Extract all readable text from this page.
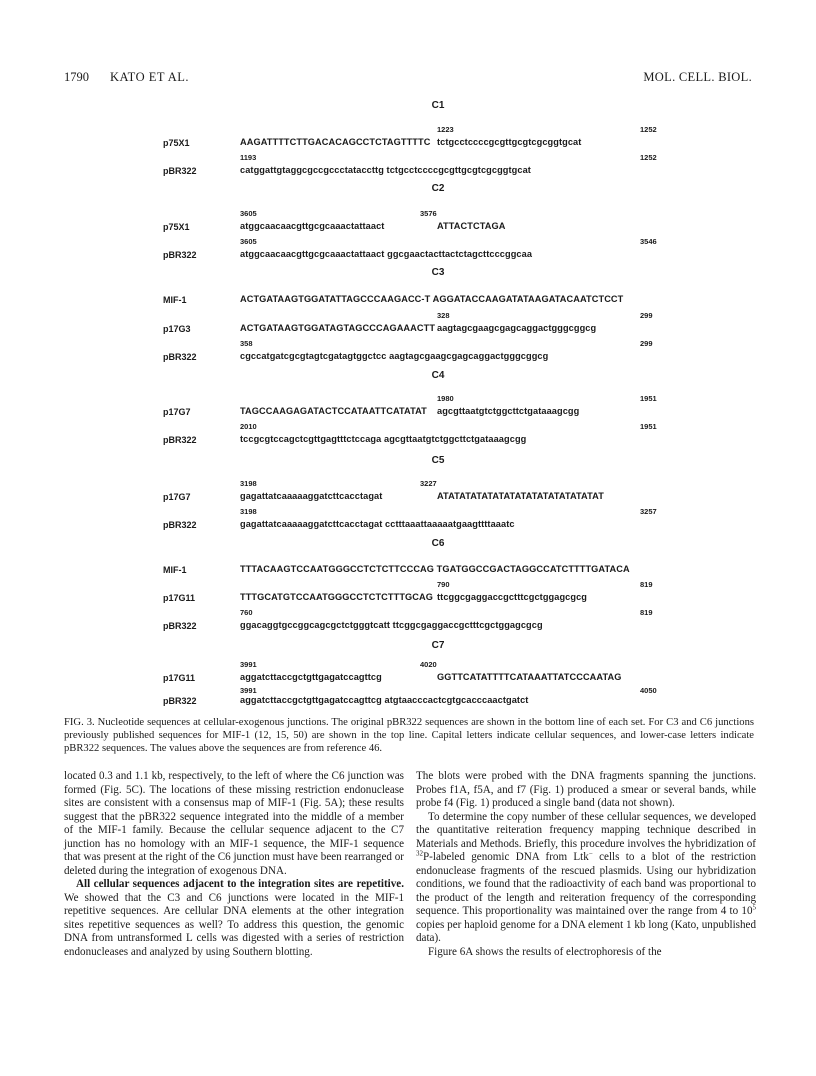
1790 KATO ET AL.	MOL. CELL. BIOL.
C1
1223	1252
p75X1	AAGATTTTCTTGACACAGCCTCTAGTTTTC tctgcctccccgcgttgcgtcgcggtgcat
1193	1252
pBR322	catggattgtaggcgccgccctataccttg tctgcctccccgcgttgcgtcgcggtgcat
C2
3605	3576
p75X1	atggcaacaacgttgcgcaaactattaact	ATTACTCTAGA
3605	3546
pBR322	atggcaacaacgttgcgcaaactattaact ggcgaactacttactctagcttcccggcaa
C3
MIF-1	ACTGATAAGTGGATATTAGCCCAAGACC-T AGGATACCAAGATATAAGATACAATCTCCT
328	299
p17G3	ACTGATAAGTGGATAGTAGCCCAGAAACTT aagtagcgaagcgagcaggactgggcggcg
358	299
pBR322	cgccatgatcgcgtagtcgatagtggctcc aagtagcgaagcgagcaggactgggcggcg
C4
1980	1951
p17G7	TAGCCAAGAGATACTCCATAATTCATATAT agcgttaatgtctggcttctgataaagcgg
2010	1951
pBR322	tccgcgtccagctcgttgagtttctccaga agcgttaatgtctggcttctgataaagcgg
C5
3198	3227
p17G7	gagattatcaaaaaggatcttcacctagat	ATATATATATATATATATATATATATATAT
3198	3257
pBR322	gagattatcaaaaaggatcttcacctagat cctttaaattaaaaatgaagttttaaatc
C6
MIF-1	TTTACAAGTCCAATGGGCCTCTCTTCCCAG TGATGGCCGACTAGGCCATCTTTTGATACA
790	819
p17G11	TTTGCATGTCCAATGGGCCTCTCTTTGCAG ttcggcgaggaccgctttcgctggagcgcg
760	819
pBR322	ggacaggtgccggcagcgctctgggtcatt ttcggcgaggaccgctttcgctggagcgcg
C7
3991	4020
p17G11	aggatcttaccgctgttgagatccagttcg	GGTTCATATTTTCATAAATTATCCCAATAG
3991	4050
pBR322	aggatcttaccgctgttgagatccagttcg atgtaacccactcgtgcacccaactgatct
FIG. 3. Nucleotide sequences at cellular-exogenous junctions. The original pBR322 sequences are shown in the bottom line of each set. For C3 and C6 junctions previously published sequences for MIF-1 (12, 15, 50) are shown in the top line. Capital letters indicate cellular sequences, and lower-case letters indicate pBR322 sequences. The values above the sequences are from reference 46.

located 0.3 and 1.1 kb, respectively, to the left of where the C6 junction was formed (Fig. 5C). The locations of these missing restriction endonuclease sites are consistent with a consensus map of MIF-1 (Fig. 5A); these results suggest that the pBR322 sequence integrated into the middle of a member of the MIF-1 family. Because the cellular sequence adjacent to the C7 junction has no homology with an MIF-1 sequence, the MIF-1 sequence that was present at the right of the C6 junction must have been rearranged or deleted during the integration of exogenous DNA.

All cellular sequences adjacent to the integration sites are repetitive. We showed that the C3 and C6 junctions were located in the MIF-1 repetitive sequences. Are cellular DNA elements at the other integration sites repetitive sequences as well? To address this question, the genomic DNA from untransformed L cells was digested with a series of restriction endonucleases and analyzed by using Southern blotting.

The blots were probed with the DNA fragments spanning the junctions. Probes f1A, f5A, and f7 (Fig. 1) produced a smear or several bands, while probe f4 (Fig. 1) produced a single band (data not shown).

To determine the copy number of these cellular sequences, we developed the quantitative reiteration frequency mapping technique described in Materials and Methods. Briefly, this procedure involves the hybridization of $^{32}$P-labeled genomic DNA from Ltk− cells to a blot of the restriction endonuclease fragments of the rescued plasmids. Using our hybridization conditions, we found that the radioactivity of each band was proportional to the product of the length and reiteration frequency of the corresponding sequence. This proportionality was maintained over the range from 4 to $10^5$ copies per haploid genome for a DNA element 1 kb long (Kato, unpublished data).

Figure 6A shows the results of electrophoresis of the
